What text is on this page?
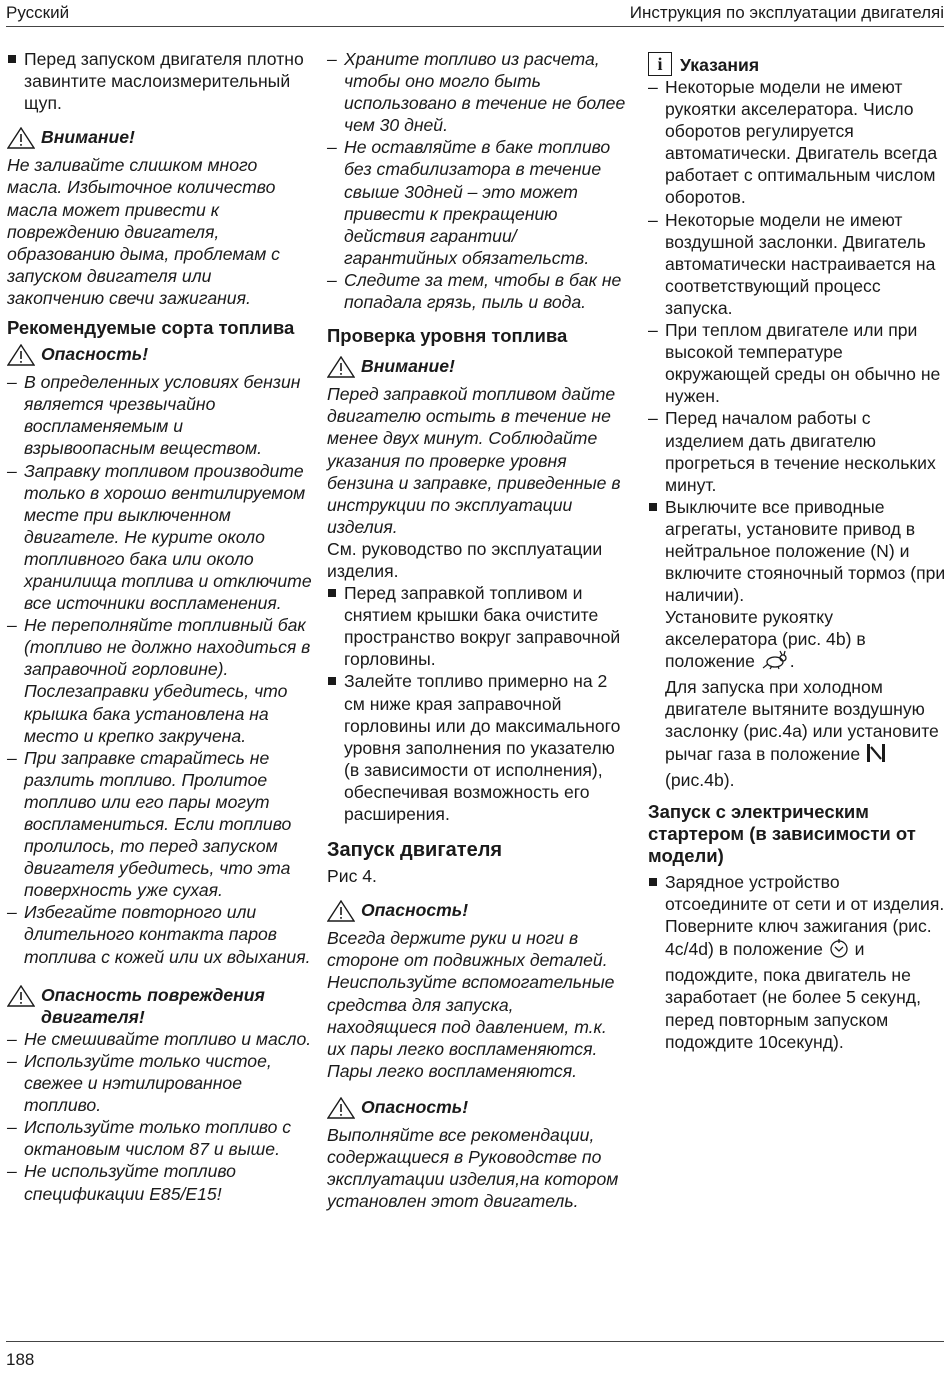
Русский	Инструкция по эксплуатации двигателяi
Перед запуском двигателя плотно завинтите маслоизмерительный щуп.
Внимание!

Не заливайте слишком много масла. Избыточное количество масла может привести к повреждению двигателя, образованию дыма, проблемам с запуском двигателя или закопчению свечи зажигания.

Рекомендуемые сорта топлива
Опасность!
– В определенных условиях бензин является чрезвычайно воспламеняемым и взрывоопасным веществом.
– Заправку топливом производите только в хорошо вентилируемом месте при выключенном двигателе. Не курите около топливного бака или около хранилища топлива и отключите все источники воспламенения.
– Не переполняйте топливный бак (топливо не должно находиться в заправочной горловине). Послезаправки убедитесь, что крышка бака установлена на место и крепко закручена.
– При заправке старайтесь не разлить топливо. Пролитое топливо или его пары могут воспламениться. Если топливо пролилось, то перед запуском двигателя убедитесь, что эта поверхность уже сухая.
– Избегайте повторного или длительного контакта паров топлива с кожей или их вдыхания.
Опасность повреждения двигателя!
– Не смешивайте топливо и масло.
– Используйте только чистое, свежее и нэтилированное топливо.
– Используйте только топливо с октановым числом 87 и выше.
– Не используйте топливо спецификации E85/E15!
– Храните топливо из расчета, чтобы оно могло быть использовано в течение не более чем 30 дней.
– Не оставляйте в баке топливо без стабилизатора в течение свыше 30дней – это может привести к прекращению действия гарантии/гарантийных обязательств.
– Следите за тем, чтобы в бак не попадала грязь, пыль и вода.
Проверка уровня топлива
Внимание!

Перед заправкой топливом дайте двигателю остыть в течение не менее двух минут. Соблюдайте указания по проверке уровня бензина и заправке, приведенные в инструкции по эксплуатации изделия.

См. руководство по эксплуатации изделия.

Перед заправкой топливом и снятием крышки бака очистите пространство вокруг заправочной горловины.
Залейте топливо примерно на 2 см ниже края заправочной горловины или до максимального уровня заполнения по указателю (в зависимости от исполнения), обеспечивая возможность его расширения.
Запуск двигателя

Рис 4.

Опасность!

Всегда держите руки и ноги в стороне от подвижных деталей. Неиспользуйте вспомогательные средства для запуска, находящиеся под давлением, т.к. их пары легко воспламеняются. Пары легко воспламеняются.

Опасность!

Выполняйте все рекомендации, содержащиеся в Руководстве по эксплуатации изделия,на котором установлен этот двигатель.

i Указания
– Некоторые модели не имеют рукоятки акселератора. Число оборотов регулируется автоматически. Двигатель всегда работает с оптимальным числом оборотов.
– Некоторые модели не имеют воздушной заслонки. Двигатель автоматически настраивается на соответствующий процесс запуска.
– При теплом двигателе или при высокой температуре окружающей среды он обычно не нужен.
– Перед началом работы с изделием дать двигателю прогреться в течение нескольких минут.
Выключите все приводные агрегаты, установите привод в нейтральное положение (N) и включите стояночный тормоз (при наличии).

Установите рукоятку акселератора (рис. 4b) в положение .

Для запуска при холодном двигателе вытяните воздушную заслонку (рис.4a) или установите рычаг газа в положение  (рис.4b).

Запуск с электрическим стартером (в зависимости от модели)
Зарядное устройство отсоедините от сети и от изделия.

Поверните ключ зажигания (рис. 4c/4d) в положение и подождите, пока двигатель не заработает (не более 5 секунд, перед повторным запуском подождите 10секунд).

188
